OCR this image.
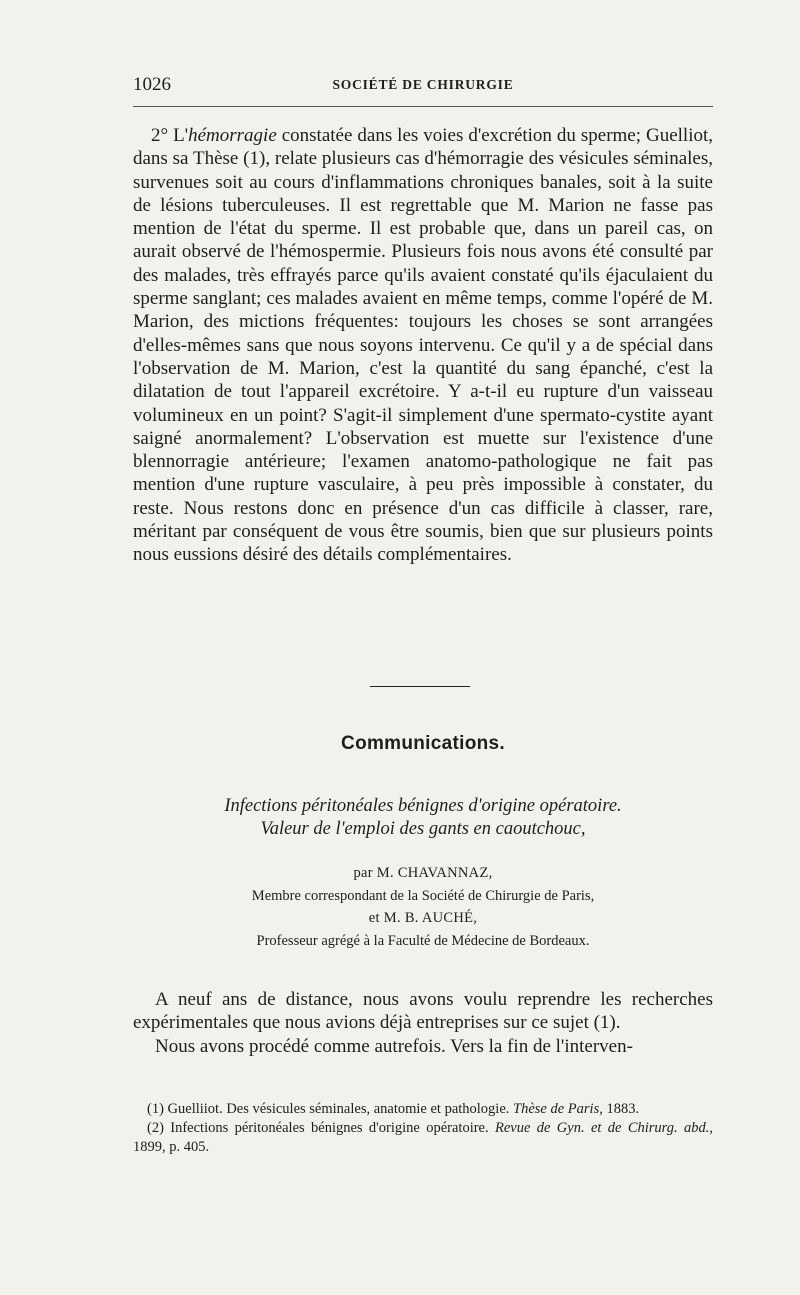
1026	SOCIÉTÉ DE CHIRURGIE

2° L'hémorragie constatée dans les voies d'excrétion du sperme; Guelliot, dans sa Thèse (1), relate plusieurs cas d'hémorragie des vésicules séminales, survenues soit au cours d'inflammations chroniques banales, soit à la suite de lésions tuberculeuses. Il est regrettable que M. Marion ne fasse pas mention de l'état du sperme. Il est probable que, dans un pareil cas, on aurait observé de l'hémospermie. Plusieurs fois nous avons été consulté par des malades, très effrayés parce qu'ils avaient constaté qu'ils éjaculaient du sperme sanglant; ces malades avaient en même temps, comme l'opéré de M. Marion, des mictions fréquentes: toujours les choses se sont arrangées d'elles-mêmes sans que nous soyons intervenu. Ce qu'il y a de spécial dans l'observation de M. Marion, c'est la quantité du sang épanché, c'est la dilatation de tout l'appareil excrétoire. Y a-t-il eu rupture d'un vaisseau volumineux en un point? S'agit-il simplement d'une spermato-cystite ayant saigné anormalement? L'observation est muette sur l'existence d'une blennorragie antérieure; l'examen anatomo-pathologique ne fait pas mention d'une rupture vasculaire, à peu près impossible à constater, du reste. Nous restons donc en présence d'un cas difficile à classer, rare, méritant par conséquent de vous être soumis, bien que sur plusieurs points nous eussions désiré des détails complémentaires.

Communications.
Infections péritonéales bénignes d'origine opératoire.
Valeur de l'emploi des gants en caoutchouc,
par M. CHAVANNAZ,
Membre correspondant de la Société de Chirurgie de Paris,
et M. B. AUCHÉ,
Professeur agrégé à la Faculté de Médecine de Bordeaux.

A neuf ans de distance, nous avons voulu reprendre les recherches expérimentales que nous avions déjà entreprises sur ce sujet (1).

Nous avons procédé comme autrefois. Vers la fin de l'interven-

(1) Guelliiot. Des vésicules séminales, anatomie et pathologie. Thèse de Paris, 1883.

(2) Infections péritonéales bénignes d'origine opératoire. Revue de Gyn. et de Chirurg. abd., 1899, p. 405.
